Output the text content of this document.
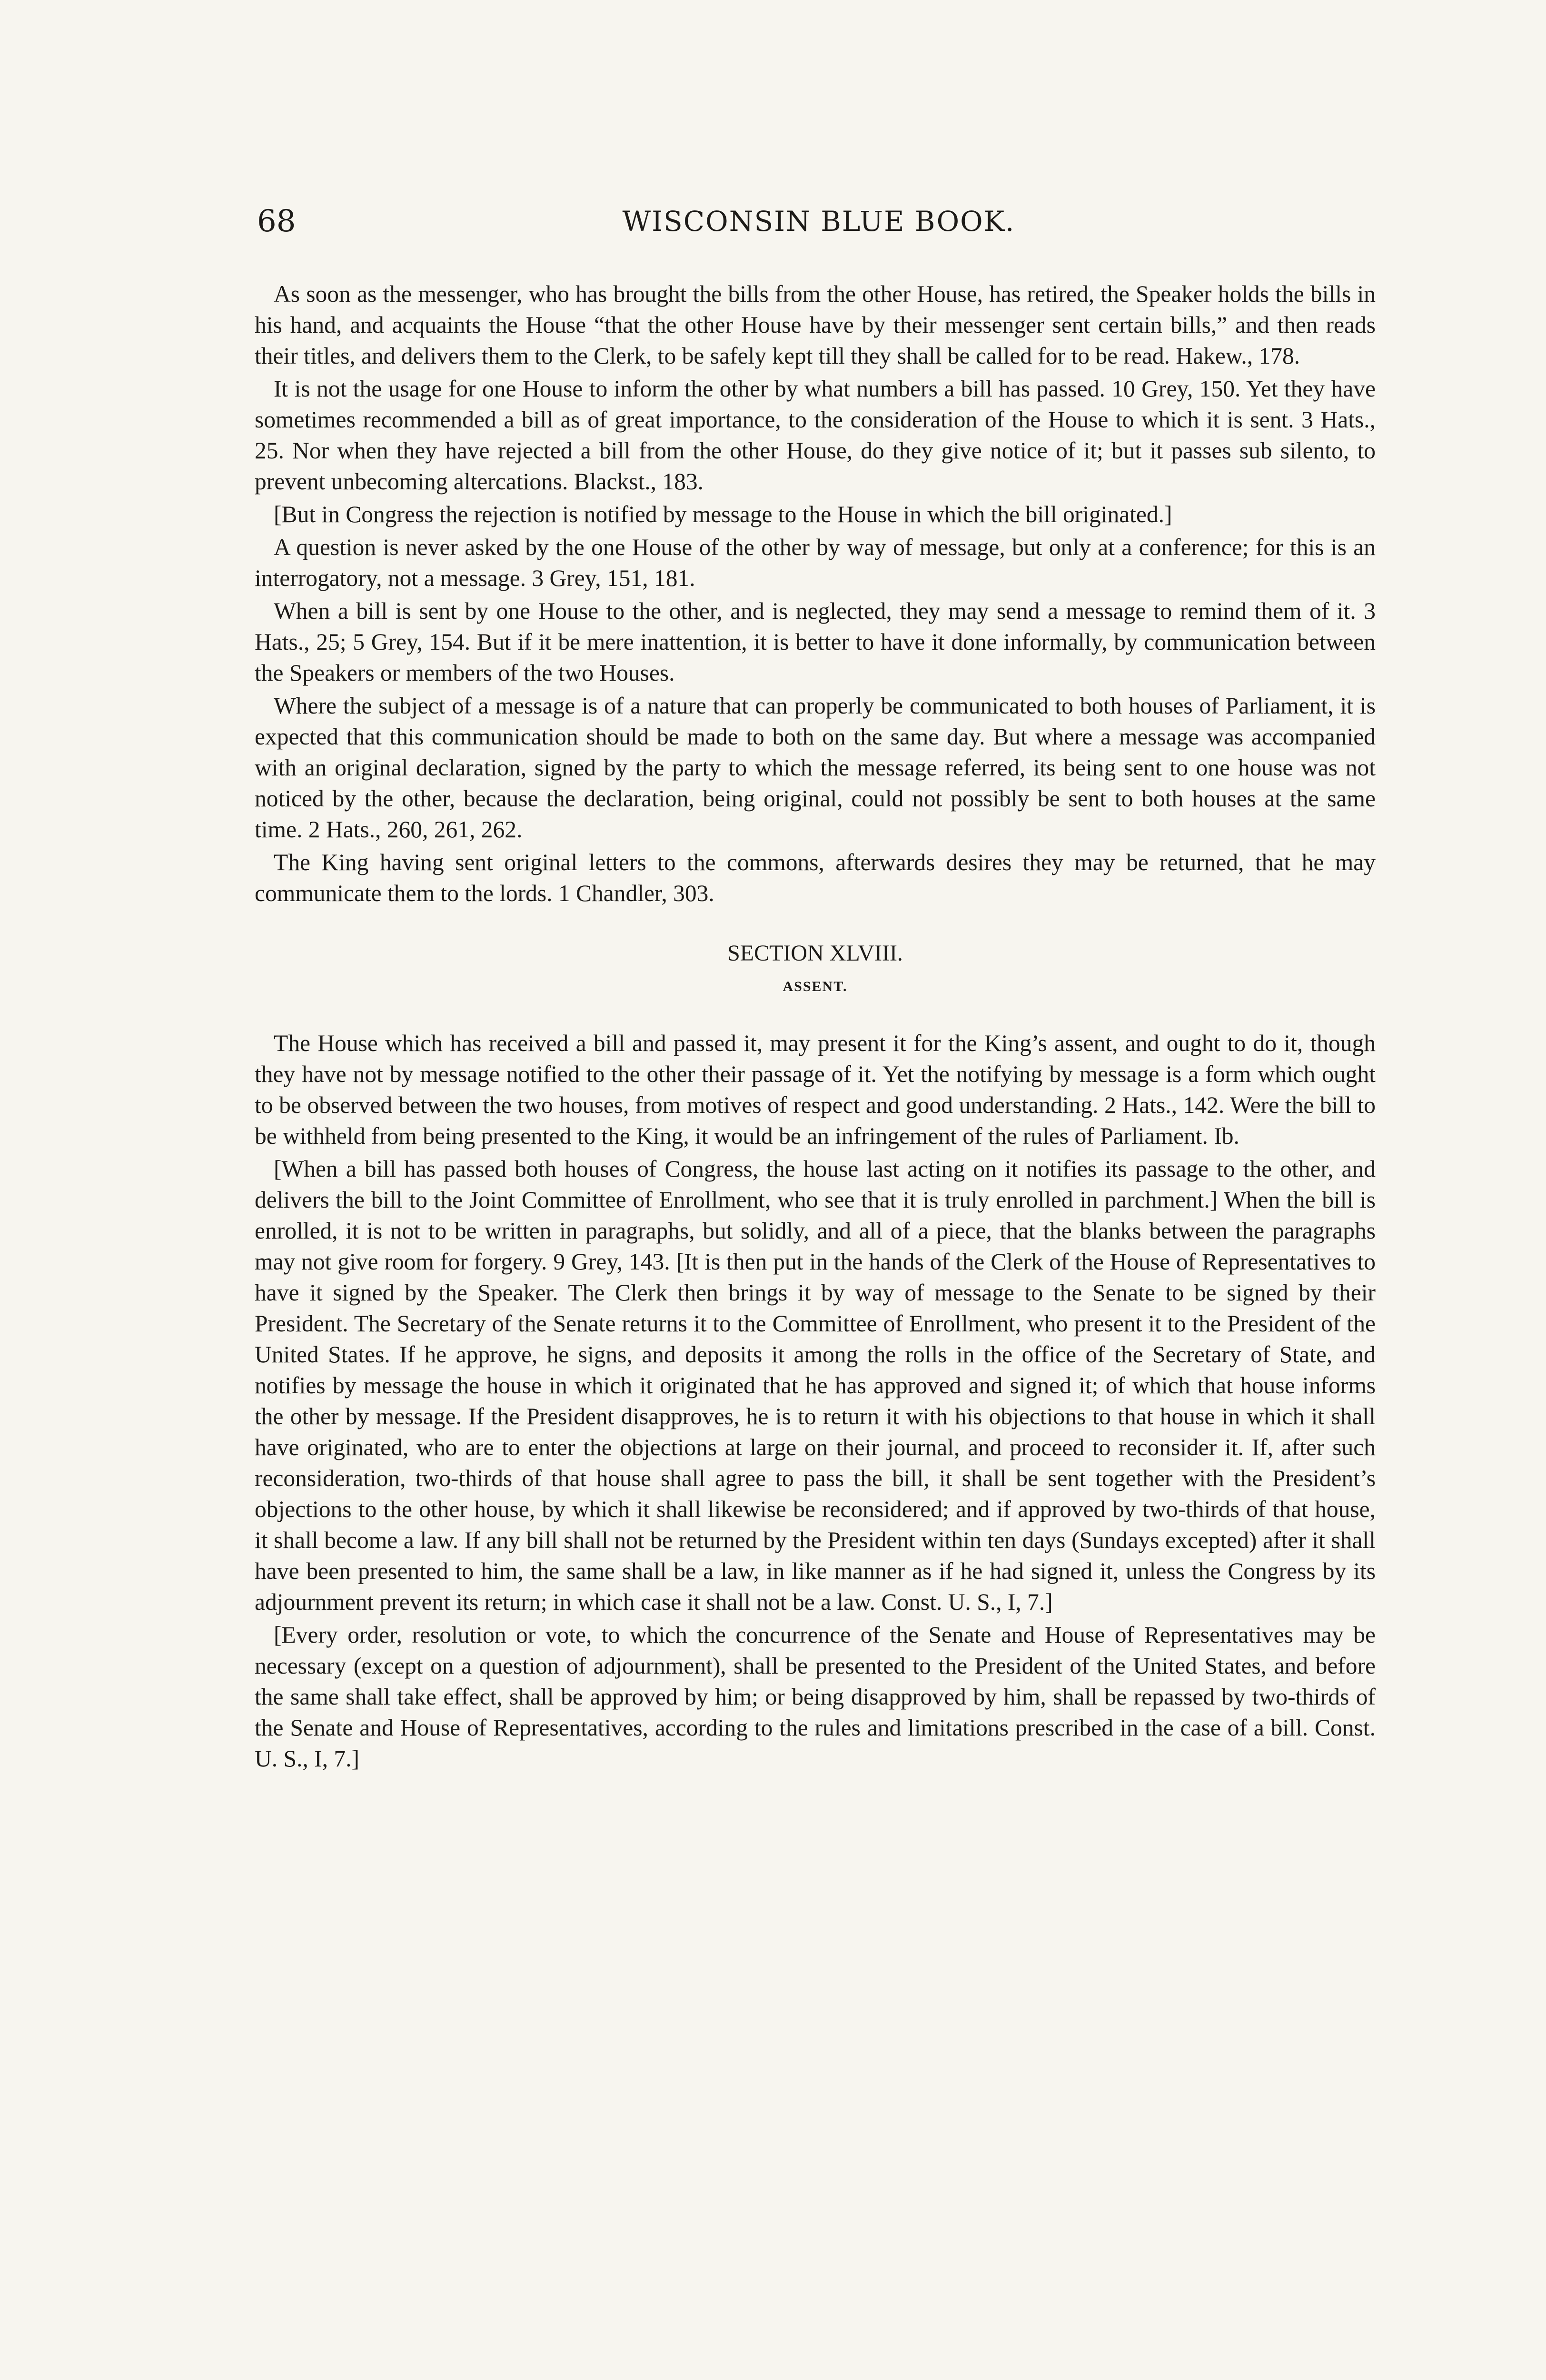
68	WISCONSIN BLUE BOOK.

As soon as the messenger, who has brought the bills from the other House, has retired, the Speaker holds the bills in his hand, and acquaints the House “that the other House have by their messenger sent certain bills,” and then reads their titles, and delivers them to the Clerk, to be safely kept till they shall be called for to be read. Hakew., 178.

It is not the usage for one House to inform the other by what numbers a bill has passed. 10 Grey, 150. Yet they have sometimes recommended a bill as of great importance, to the consideration of the House to which it is sent. 3 Hats., 25. Nor when they have rejected a bill from the other House, do they give notice of it; but it passes sub silento, to prevent unbecoming altercations. Blackst., 183.

[But in Congress the rejection is notified by message to the House in which the bill originated.]

A question is never asked by the one House of the other by way of message, but only at a conference; for this is an interrogatory, not a message. 3 Grey, 151, 181.

When a bill is sent by one House to the other, and is neglected, they may send a message to remind them of it. 3 Hats., 25; 5 Grey, 154. But if it be mere inattention, it is better to have it done informally, by communication between the Speakers or members of the two Houses.

Where the subject of a message is of a nature that can properly be communicated to both houses of Parliament, it is expected that this communication should be made to both on the same day. But where a message was accompanied with an original declaration, signed by the party to which the message referred, its being sent to one house was not noticed by the other, because the declaration, being original, could not possibly be sent to both houses at the same time. 2 Hats., 260, 261, 262.

The King having sent original letters to the commons, afterwards desires they may be returned, that he may communicate them to the lords. 1 Chandler, 303.

SECTION XLVIII.
ASSENT.

The House which has received a bill and passed it, may present it for the King’s assent, and ought to do it, though they have not by message notified to the other their passage of it. Yet the notifying by message is a form which ought to be observed between the two houses, from motives of respect and good understanding. 2 Hats., 142. Were the bill to be withheld from being presented to the King, it would be an infringement of the rules of Parliament. Ib.

[When a bill has passed both houses of Congress, the house last acting on it notifies its passage to the other, and delivers the bill to the Joint Committee of Enrollment, who see that it is truly enrolled in parchment.] When the bill is enrolled, it is not to be written in paragraphs, but solidly, and all of a piece, that the blanks between the paragraphs may not give room for forgery. 9 Grey, 143. [It is then put in the hands of the Clerk of the House of Representatives to have it signed by the Speaker. The Clerk then brings it by way of message to the Senate to be signed by their President. The Secretary of the Senate returns it to the Committee of Enrollment, who present it to the President of the United States. If he approve, he signs, and deposits it among the rolls in the office of the Secretary of State, and notifies by message the house in which it originated that he has approved and signed it; of which that house informs the other by message. If the President disapproves, he is to return it with his objections to that house in which it shall have originated, who are to enter the objections at large on their journal, and proceed to reconsider it. If, after such reconsideration, two-thirds of that house shall agree to pass the bill, it shall be sent together with the President’s objections to the other house, by which it shall likewise be reconsidered; and if approved by two-thirds of that house, it shall become a law. If any bill shall not be returned by the President within ten days (Sundays excepted) after it shall have been presented to him, the same shall be a law, in like manner as if he had signed it, unless the Congress by its adjournment prevent its return; in which case it shall not be a law. Const. U. S., I, 7.]

[Every order, resolution or vote, to which the concurrence of the Senate and House of Representatives may be necessary (except on a question of adjournment), shall be presented to the President of the United States, and before the same shall take effect, shall be approved by him; or being disapproved by him, shall be repassed by two-thirds of the Senate and House of Representatives, according to the rules and limitations prescribed in the case of a bill. Const. U. S., I, 7.]
